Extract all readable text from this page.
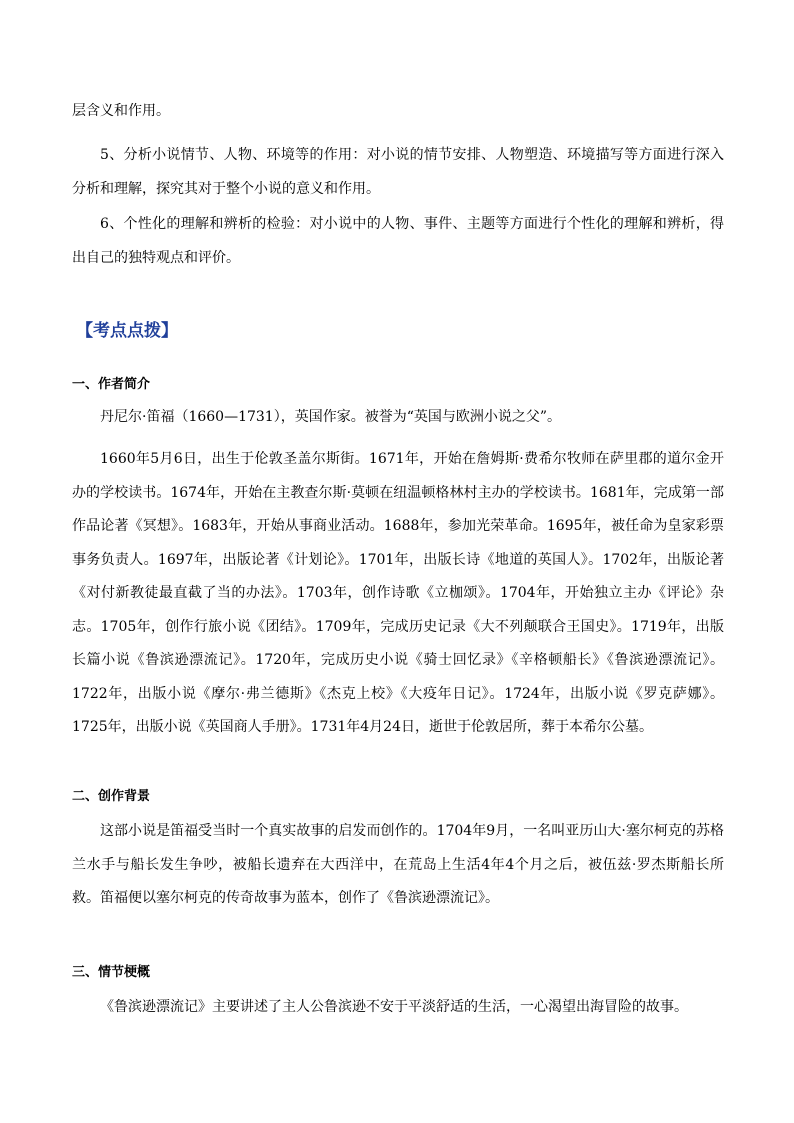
层含义和作用。

5、分析小说情节、人物、环境等的作用：对小说的情节安排、人物塑造、环境描写等方面进行深入分析和理解，探究其对于整个小说的意义和作用。

6、个性化的理解和辨析的检验：对小说中的人物、事件、主题等方面进行个性化的理解和辨析，得出自己的独特观点和评价。

【考点点拨】
一、作者简介

丹尼尔·笛福（1660—1731），英国作家。被誉为“英国与欧洲小说之父”。

1660年5月6日，出生于伦敦圣盖尔斯街。1671年，开始在詹姆斯·费希尔牧师在萨里郡的道尔金开办的学校读书。1674年，开始在主教查尔斯·莫顿在纽温顿格林村主办的学校读书。1681年，完成第一部作品论著《冥想》。1683年，开始从事商业活动。1688年，参加光荣革命。1695年，被任命为皇家彩票事务负责人。1697年，出版论著《计划论》。1701年，出版长诗《地道的英国人》。1702年，出版论著《对付新教徒最直截了当的办法》。1703年，创作诗歌《立枷颂》。1704年，开始独立主办《评论》杂志。1705年，创作行旅小说《团结》。1709年，完成历史记录《大不列颠联合王国史》。1719年，出版长篇小说《鲁滨逊漂流记》。1720年，完成历史小说《骑士回忆录》《辛格顿船长》《鲁滨逊漂流记》。1722年，出版小说《摩尔·弗兰德斯》《杰克上校》《大疫年日记》。1724年，出版小说《罗克萨娜》。1725年，出版小说《英国商人手册》。1731年4月24日，逝世于伦敦居所，葬于本希尔公墓。

二、创作背景

这部小说是笛福受当时一个真实故事的启发而创作的。1704年9月，一名叫亚历山大·塞尔柯克的苏格兰水手与船长发生争吵，被船长遗弃在大西洋中，在荒岛上生活4年4个月之后，被伍兹·罗杰斯船长所救。笛福便以塞尔柯克的传奇故事为蓝本，创作了《鲁滨逊漂流记》。

三、情节梗概

《鲁滨逊漂流记》主要讲述了主人公鲁滨逊不安于平淡舒适的生活，一心渴望出海冒险的故事。
